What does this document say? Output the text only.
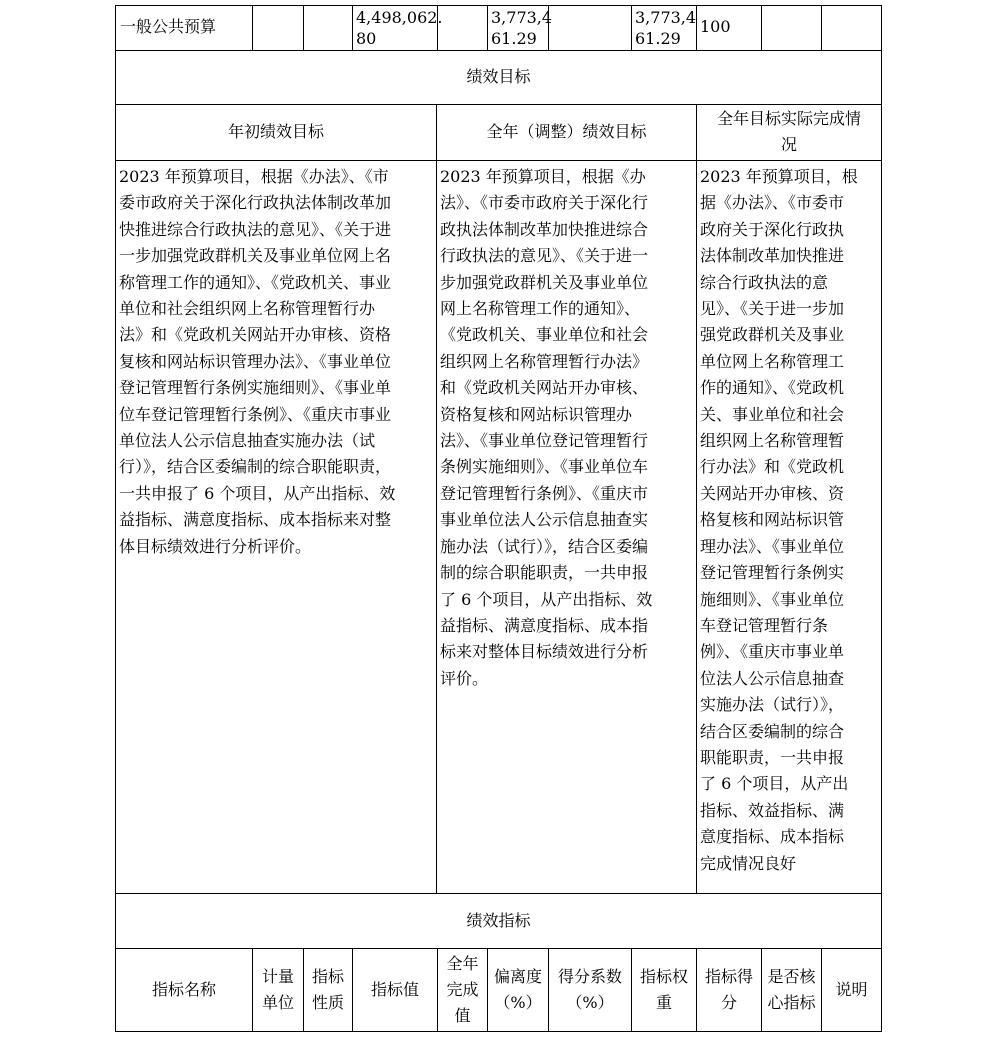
一般公共预算	4,498,062.
80
3,773,4
61.29
3,773,4
61.29
100
绩效目标
年初绩效目标	全年（调整）绩效目标
全年目标实际完成情
况
2023 年预算项目，根据《办法》、《市
委市政府关于深化行政执法体制改革加
快推进综合行政执法的意见》、《关于进
一步加强党政群机关及事业单位网上名
称管理工作的通知》、《党政机关、事业
单位和社会组织网上名称管理暂行办
法》和《党政机关网站开办审核、资格
复核和网站标识管理办法》、《事业单位
登记管理暂行条例实施细则》、《事业单
位车登记管理暂行条例》、《重庆市事业
单位法人公示信息抽查实施办法（试
行）》，结合区委编制的综合职能职责，
一共申报了 6 个项目，从产出指标、效
益指标、满意度指标、成本指标来对整
体目标绩效进行分析评价。
2023 年预算项目，根据《办
法》、《市委市政府关于深化行
政执法体制改革加快推进综合
行政执法的意见》、《关于进一
步加强党政群机关及事业单位
网上名称管理工作的通知》、
《党政机关、事业单位和社会
组织网上名称管理暂行办法》
和《党政机关网站开办审核、
资格复核和网站标识管理办
法》、《事业单位登记管理暂行
条例实施细则》、《事业单位车
登记管理暂行条例》、《重庆市
事业单位法人公示信息抽查实
施办法（试行）》，结合区委编
制的综合职能职责，一共申报
了 6 个项目，从产出指标、效
益指标、满意度指标、成本指
标来对整体目标绩效进行分析
评价。
2023 年预算项目，根
据《办法》、《市委市
政府关于深化行政执
法体制改革加快推进
综合行政执法的意
见》、《关于进一步加
强党政群机关及事业
单位网上名称管理工
作的通知》、《党政机
关、事业单位和社会
组织网上名称管理暂
行办法》和《党政机
关网站开办审核、资
格复核和网站标识管
理办法》、《事业单位
登记管理暂行条例实
施细则》、《事业单位
车登记管理暂行条
例》、《重庆市事业单
位法人公示信息抽查
实施办法（试行）》，
结合区委编制的综合
职能职责，一共申报
了 6 个项目，从产出
指标、效益指标、满
意度指标、成本指标
完成情况良好
绩效指标
指标名称
计量
单位
指标
性质
指标值
全年
完成
值
偏离度
（%）
得分系数
（%）
指标权
重
指标得
分
是否核
心指标
说明
